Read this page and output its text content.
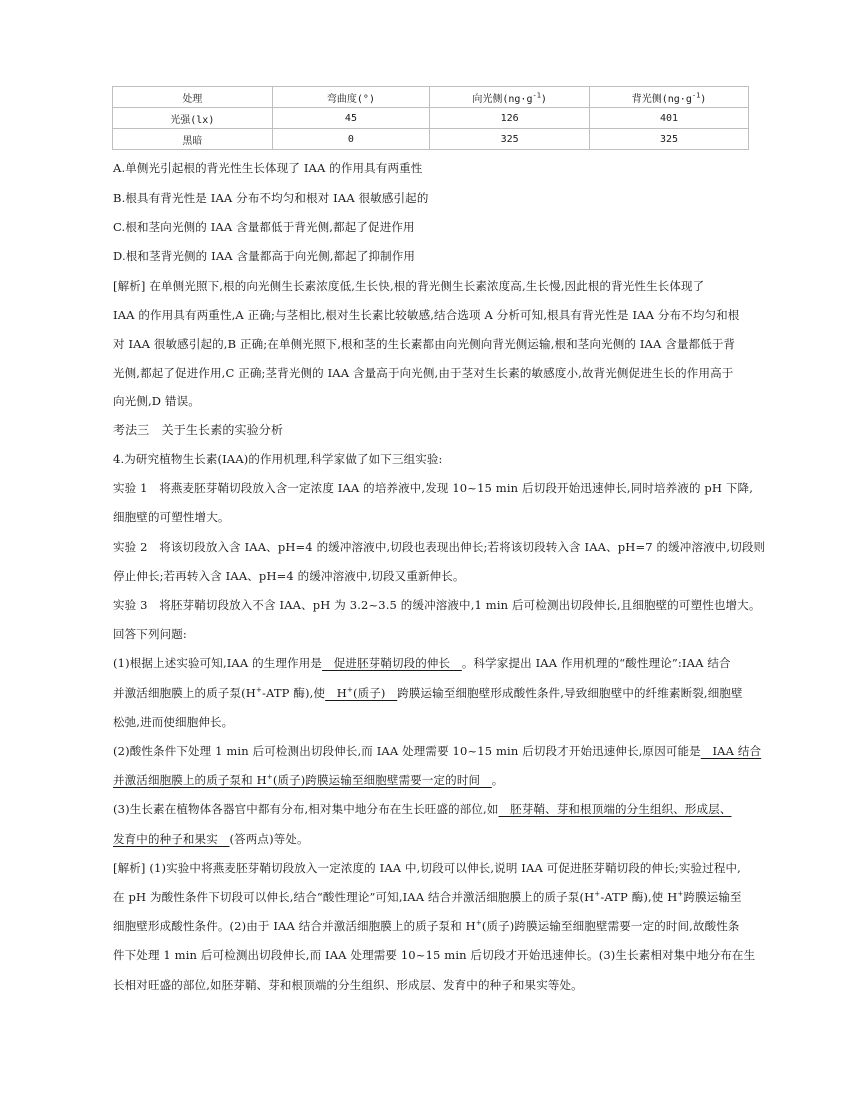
处理	弯曲度(°)	向光侧$(ng\cdot g^{-1})$	背光侧$(ng\cdot g^{-1})$
光强(lx)	45	126	401
黑暗	0	325	325
A.单侧光引起根的背光性生长体现了 IAA 的作用具有两重性
B.根具有背光性是 IAA 分布不均匀和根对 IAA 很敏感引起的
C.根和茎向光侧的 IAA 含量都低于背光侧,都起了促进作用
D.根和茎背光侧的 IAA 含量都高于向光侧,都起了抑制作用
[解析] 在单侧光照下,根的向光侧生长素浓度低,生长快,根的背光侧生长素浓度高,生长慢,因此根的背光性生长体现了
IAA 的作用具有两重性,A 正确;与茎相比,根对生长素比较敏感,结合选项 A 分析可知,根具有背光性是 IAA 分布不均匀和根
对 IAA 很敏感引起的,B 正确;在单侧光照下,根和茎的生长素都由向光侧向背光侧运输,根和茎向光侧的 IAA 含量都低于背
光侧,都起了促进作用,C 正确;茎背光侧的 IAA 含量高于向光侧,由于茎对生长素的敏感度小,故背光侧促进生长的作用高于
向光侧,D 错误。
考法三　关于生长素的实验分析
4.为研究植物生长素(IAA)的作用机理,科学家做了如下三组实验:
实验 1　将燕麦胚芽鞘切段放入含一定浓度 IAA 的培养液中,发现 10~15 min 后切段开始迅速伸长,同时培养液的 pH 下降,
细胞壁的可塑性增大。
实验 2　将该切段放入含 IAA、pH=4 的缓冲溶液中,切段也表现出伸长;若将该切段转入含 IAA、pH=7 的缓冲溶液中,切段则
停止伸长;若再转入含 IAA、pH=4 的缓冲溶液中,切段又重新伸长。
实验 3　将胚芽鞘切段放入不含 IAA、pH 为 3.2~3.5 的缓冲溶液中,1 min 后可检测出切段伸长,且细胞壁的可塑性也增大。
回答下列问题:
(1)根据上述实验可知,IAA 的生理作用是　促进胚芽鞘切段的伸长　。科学家提出 IAA 作用机理的“酸性理论”:IAA 结合
并激活细胞膜上的质子泵(H+-ATP 酶),使　H+(质子)　跨膜运输至细胞壁形成酸性条件,导致细胞壁中的纤维素断裂,细胞壁
松弛,进而使细胞伸长。
(2)酸性条件下处理 1 min 后可检测出切段伸长,而 IAA 处理需要 10~15 min 后切段才开始迅速伸长,原因可能是　IAA 结合
并激活细胞膜上的质子泵和 H+(质子)跨膜运输至细胞壁需要一定的时间　。
(3)生长素在植物体各器官中都有分布,相对集中地分布在生长旺盛的部位,如　胚芽鞘、芽和根顶端的分生组织、形成层、
发育中的种子和果实　(答两点)等处。
[解析] (1)实验中将燕麦胚芽鞘切段放入一定浓度的 IAA 中,切段可以伸长,说明 IAA 可促进胚芽鞘切段的伸长;实验过程中,
在 pH 为酸性条件下切段可以伸长,结合“酸性理论”可知,IAA 结合并激活细胞膜上的质子泵(H+-ATP 酶),使 H+跨膜运输至
细胞壁形成酸性条件。(2)由于 IAA 结合并激活细胞膜上的质子泵和 H+(质子)跨膜运输至细胞壁需要一定的时间,故酸性条
件下处理 1 min 后可检测出切段伸长,而 IAA 处理需要 10~15 min 后切段才开始迅速伸长。(3)生长素相对集中地分布在生
长相对旺盛的部位,如胚芽鞘、芽和根顶端的分生组织、形成层、发育中的种子和果实等处。
